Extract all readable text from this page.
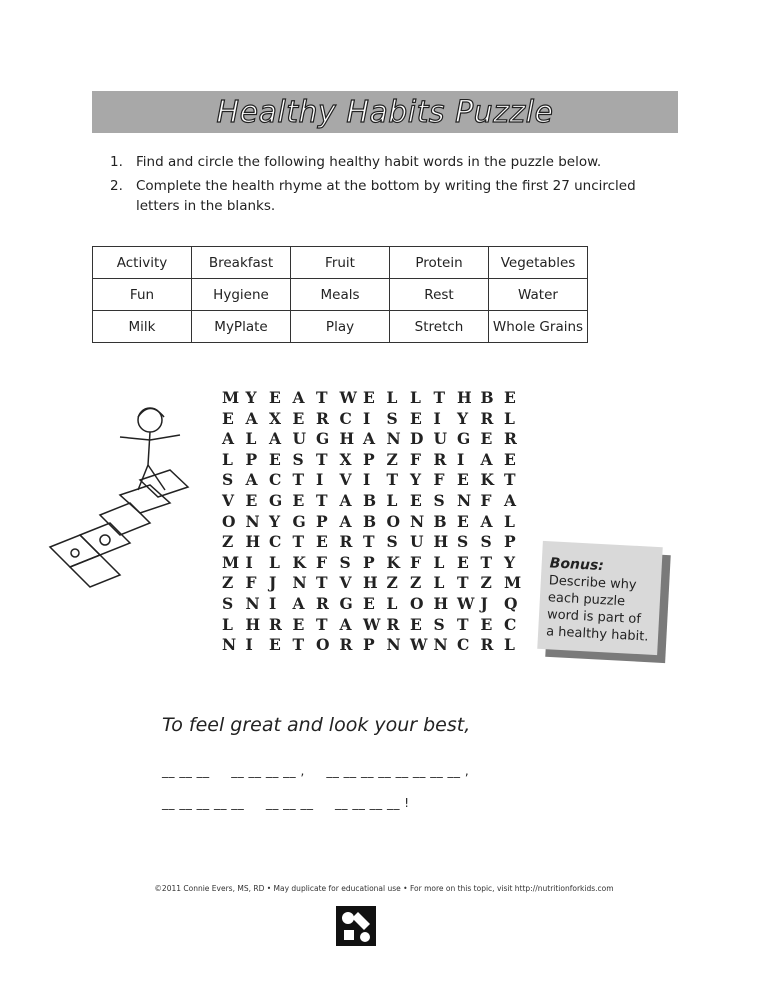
Healthy Habits Puzzle
1. Find and circle the following healthy habit words in the puzzle below.
2. Complete the health rhyme at the bottom by writing the first 27 uncircled letters in the blanks.
Activity	Breakfast	Fruit	Protein	Vegetables
Fun	Hygiene	Meals	Rest	Water
Milk	MyPlate	Play	Stretch	Whole Grains
M Y E A T W E L L T H B E
E A X E R C I	S E I	Y R L
A L A U G H A N D U G E R
L P E S T X P Z F R I	A E
S A C T I	V I	T Y F E K T
V E G E T A B L E S N F A
O N Y G P A B O N B E A L
Z H C T E R T S U H S S P
M I	L K F S P K F L E T Y
Z F J	N T V H Z Z L T Z M
S N I	A R G E L O H W J	Q
L H R E T A W R E S T E C
N I	E T O R P N W N C R L
Bonus:
Describe why
each puzzle
word is part of
a healthy habit.
To feel great and look your best,
__ __ __     __ __ __ __ ,     __ __ __ __ __ __ __ __ ,
__ __ __ __ __     __ __ __     __ __ __ __ !
©2011 Connie Evers, MS, RD • May duplicate for educational use • For more on this topic, visit http://nutritionforkids.com
